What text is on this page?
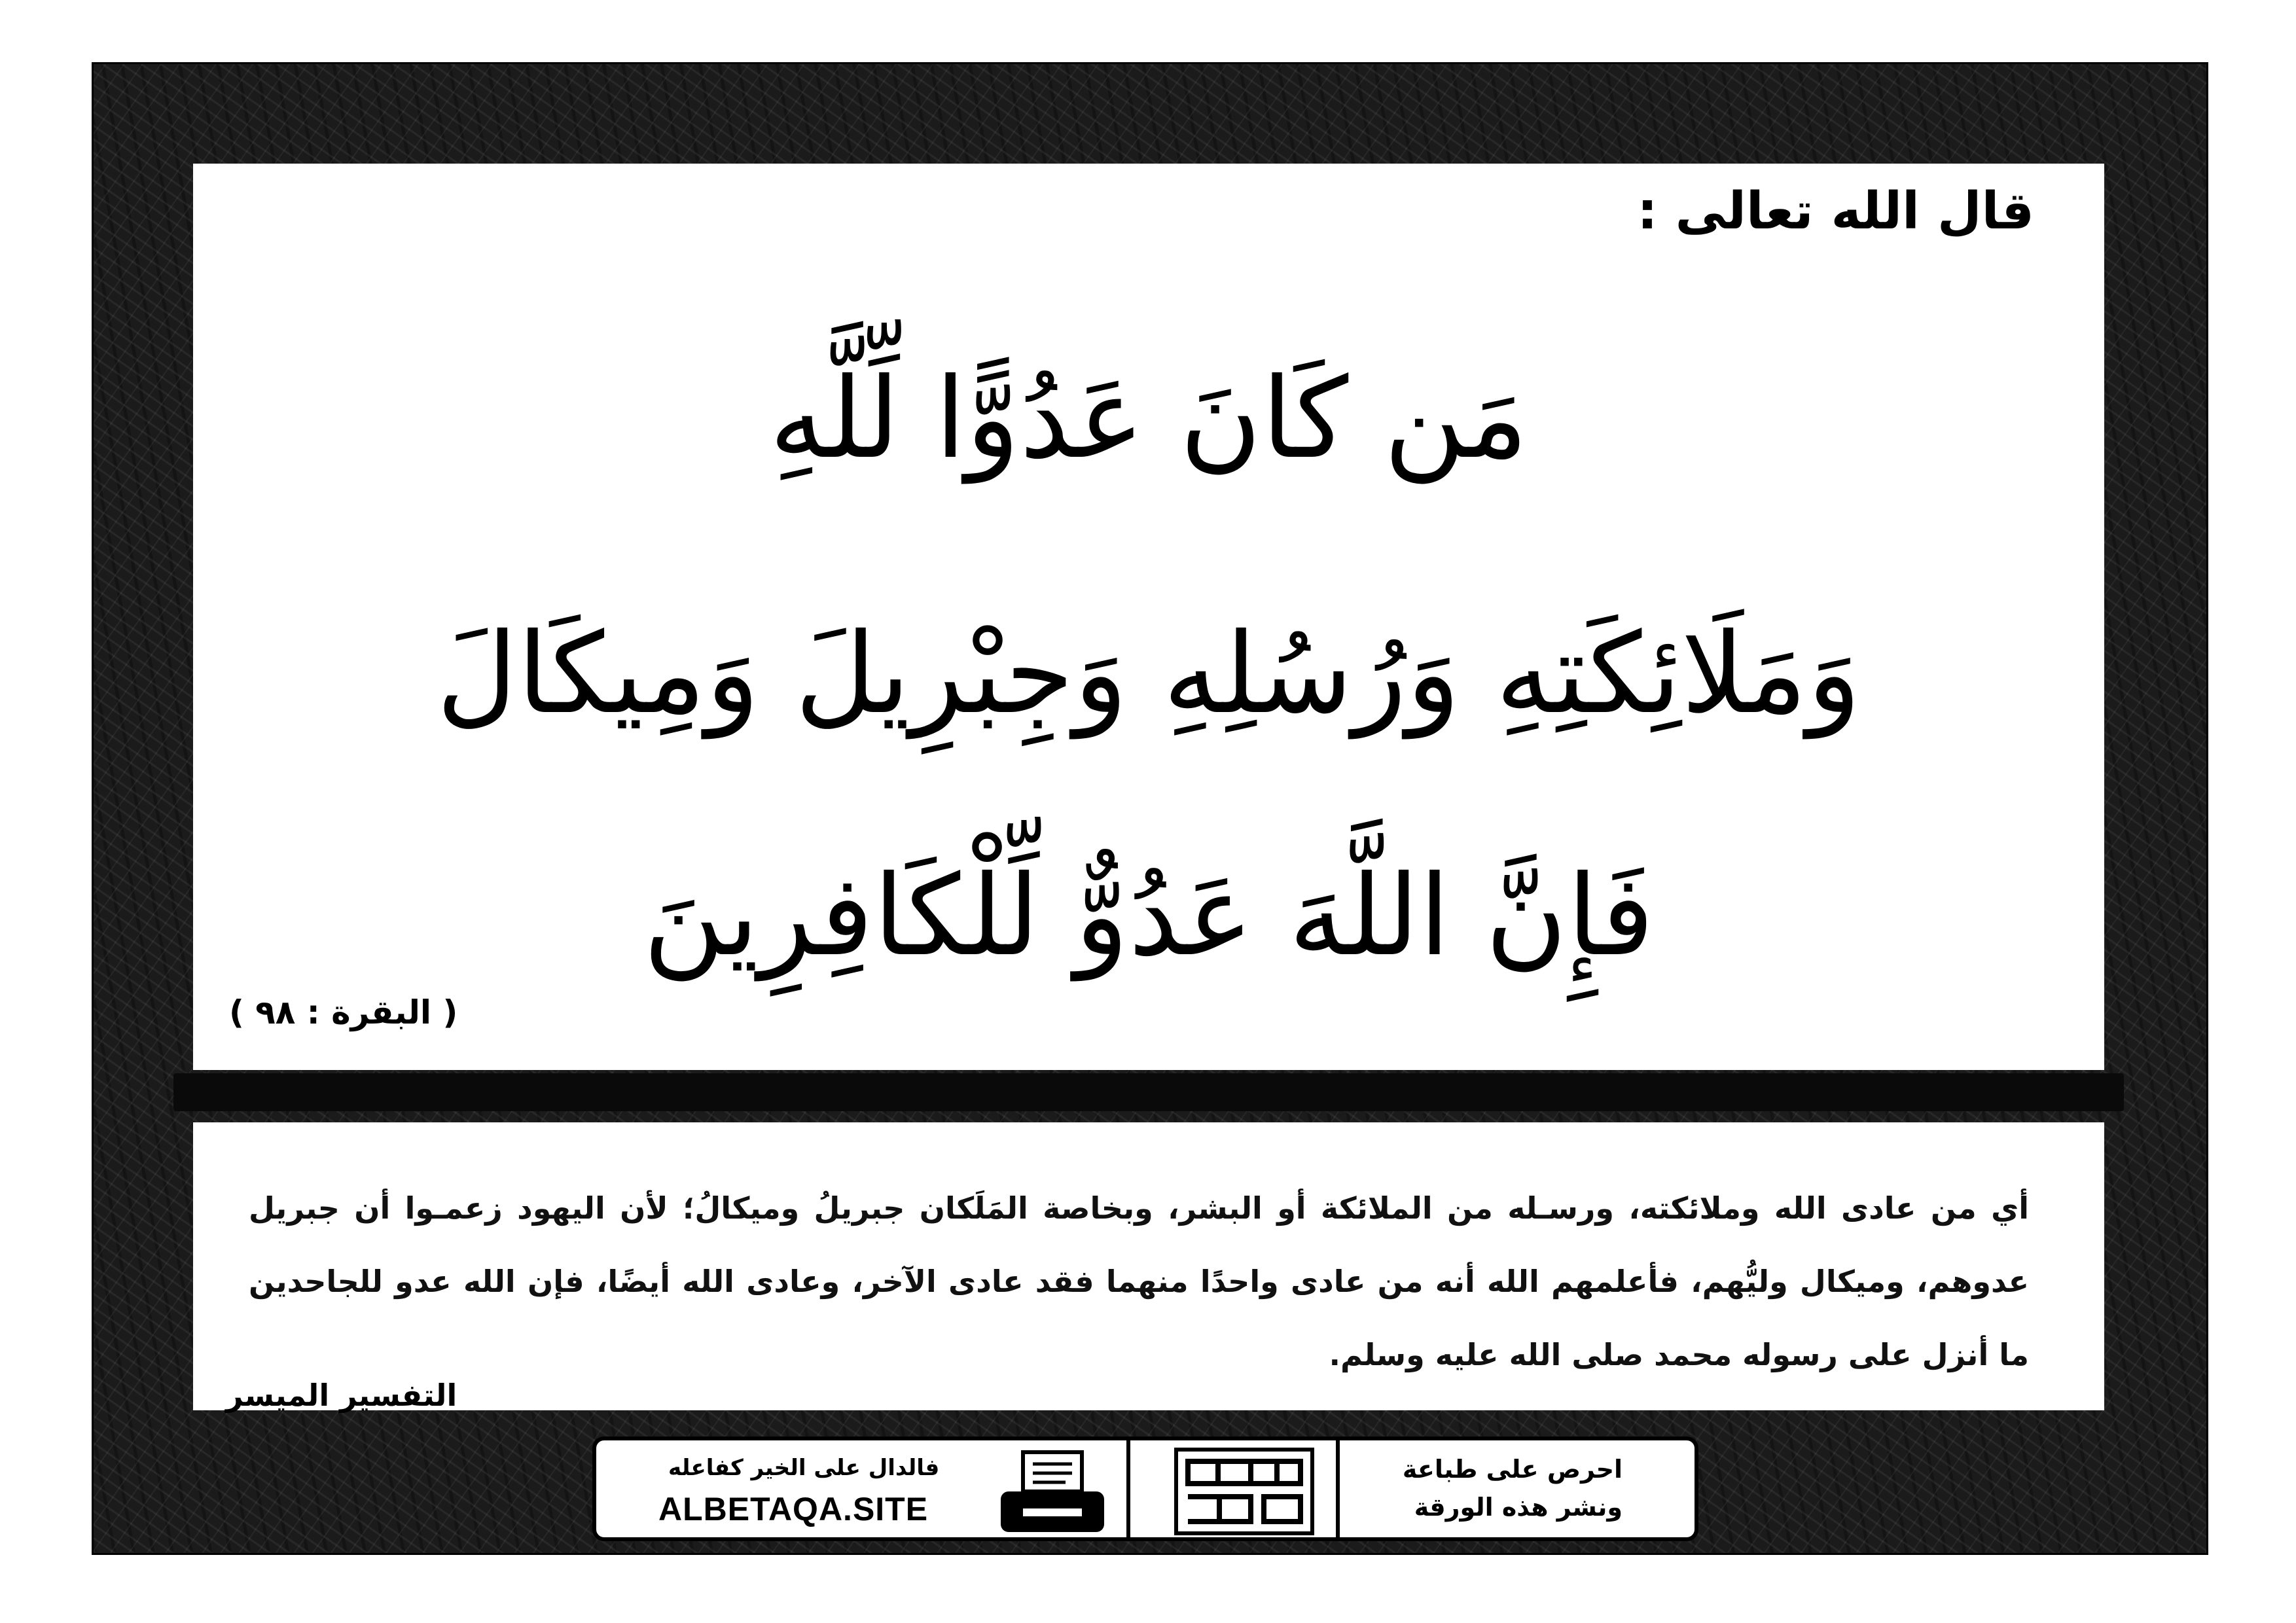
قال الله تعالى :
مَن كَانَ عَدُوًّا لِّلَّهِ
وَمَلَائِكَتِهِ وَرُسُلِهِ وَجِبْرِيلَ وَمِيكَالَ
فَإِنَّ اللَّهَ عَدُوٌّ لِّلْكَافِرِينَ
( البقرة : ٩٨ )
أي من عادى الله وملائكته، ورسـله من الملائكة أو البشر، وبخاصة المَلَكان جبريلُ وميكالُ؛ لأن اليهود زعمـوا أن جبريل عدوهم، وميكال وليُّهم، فأعلمهم الله أنه من عادى واحدًا منهما فقد عادى الآخر، وعادى الله أيضًا، فإن الله عدو للجاحدين ما أنزل على رسوله محمد صلى الله عليه وسلم.
التفسير الميسر
فالدال على الخير كفاعله
ALBETAQA.SITE
احرص على طباعة
ونشر هذه الورقة
